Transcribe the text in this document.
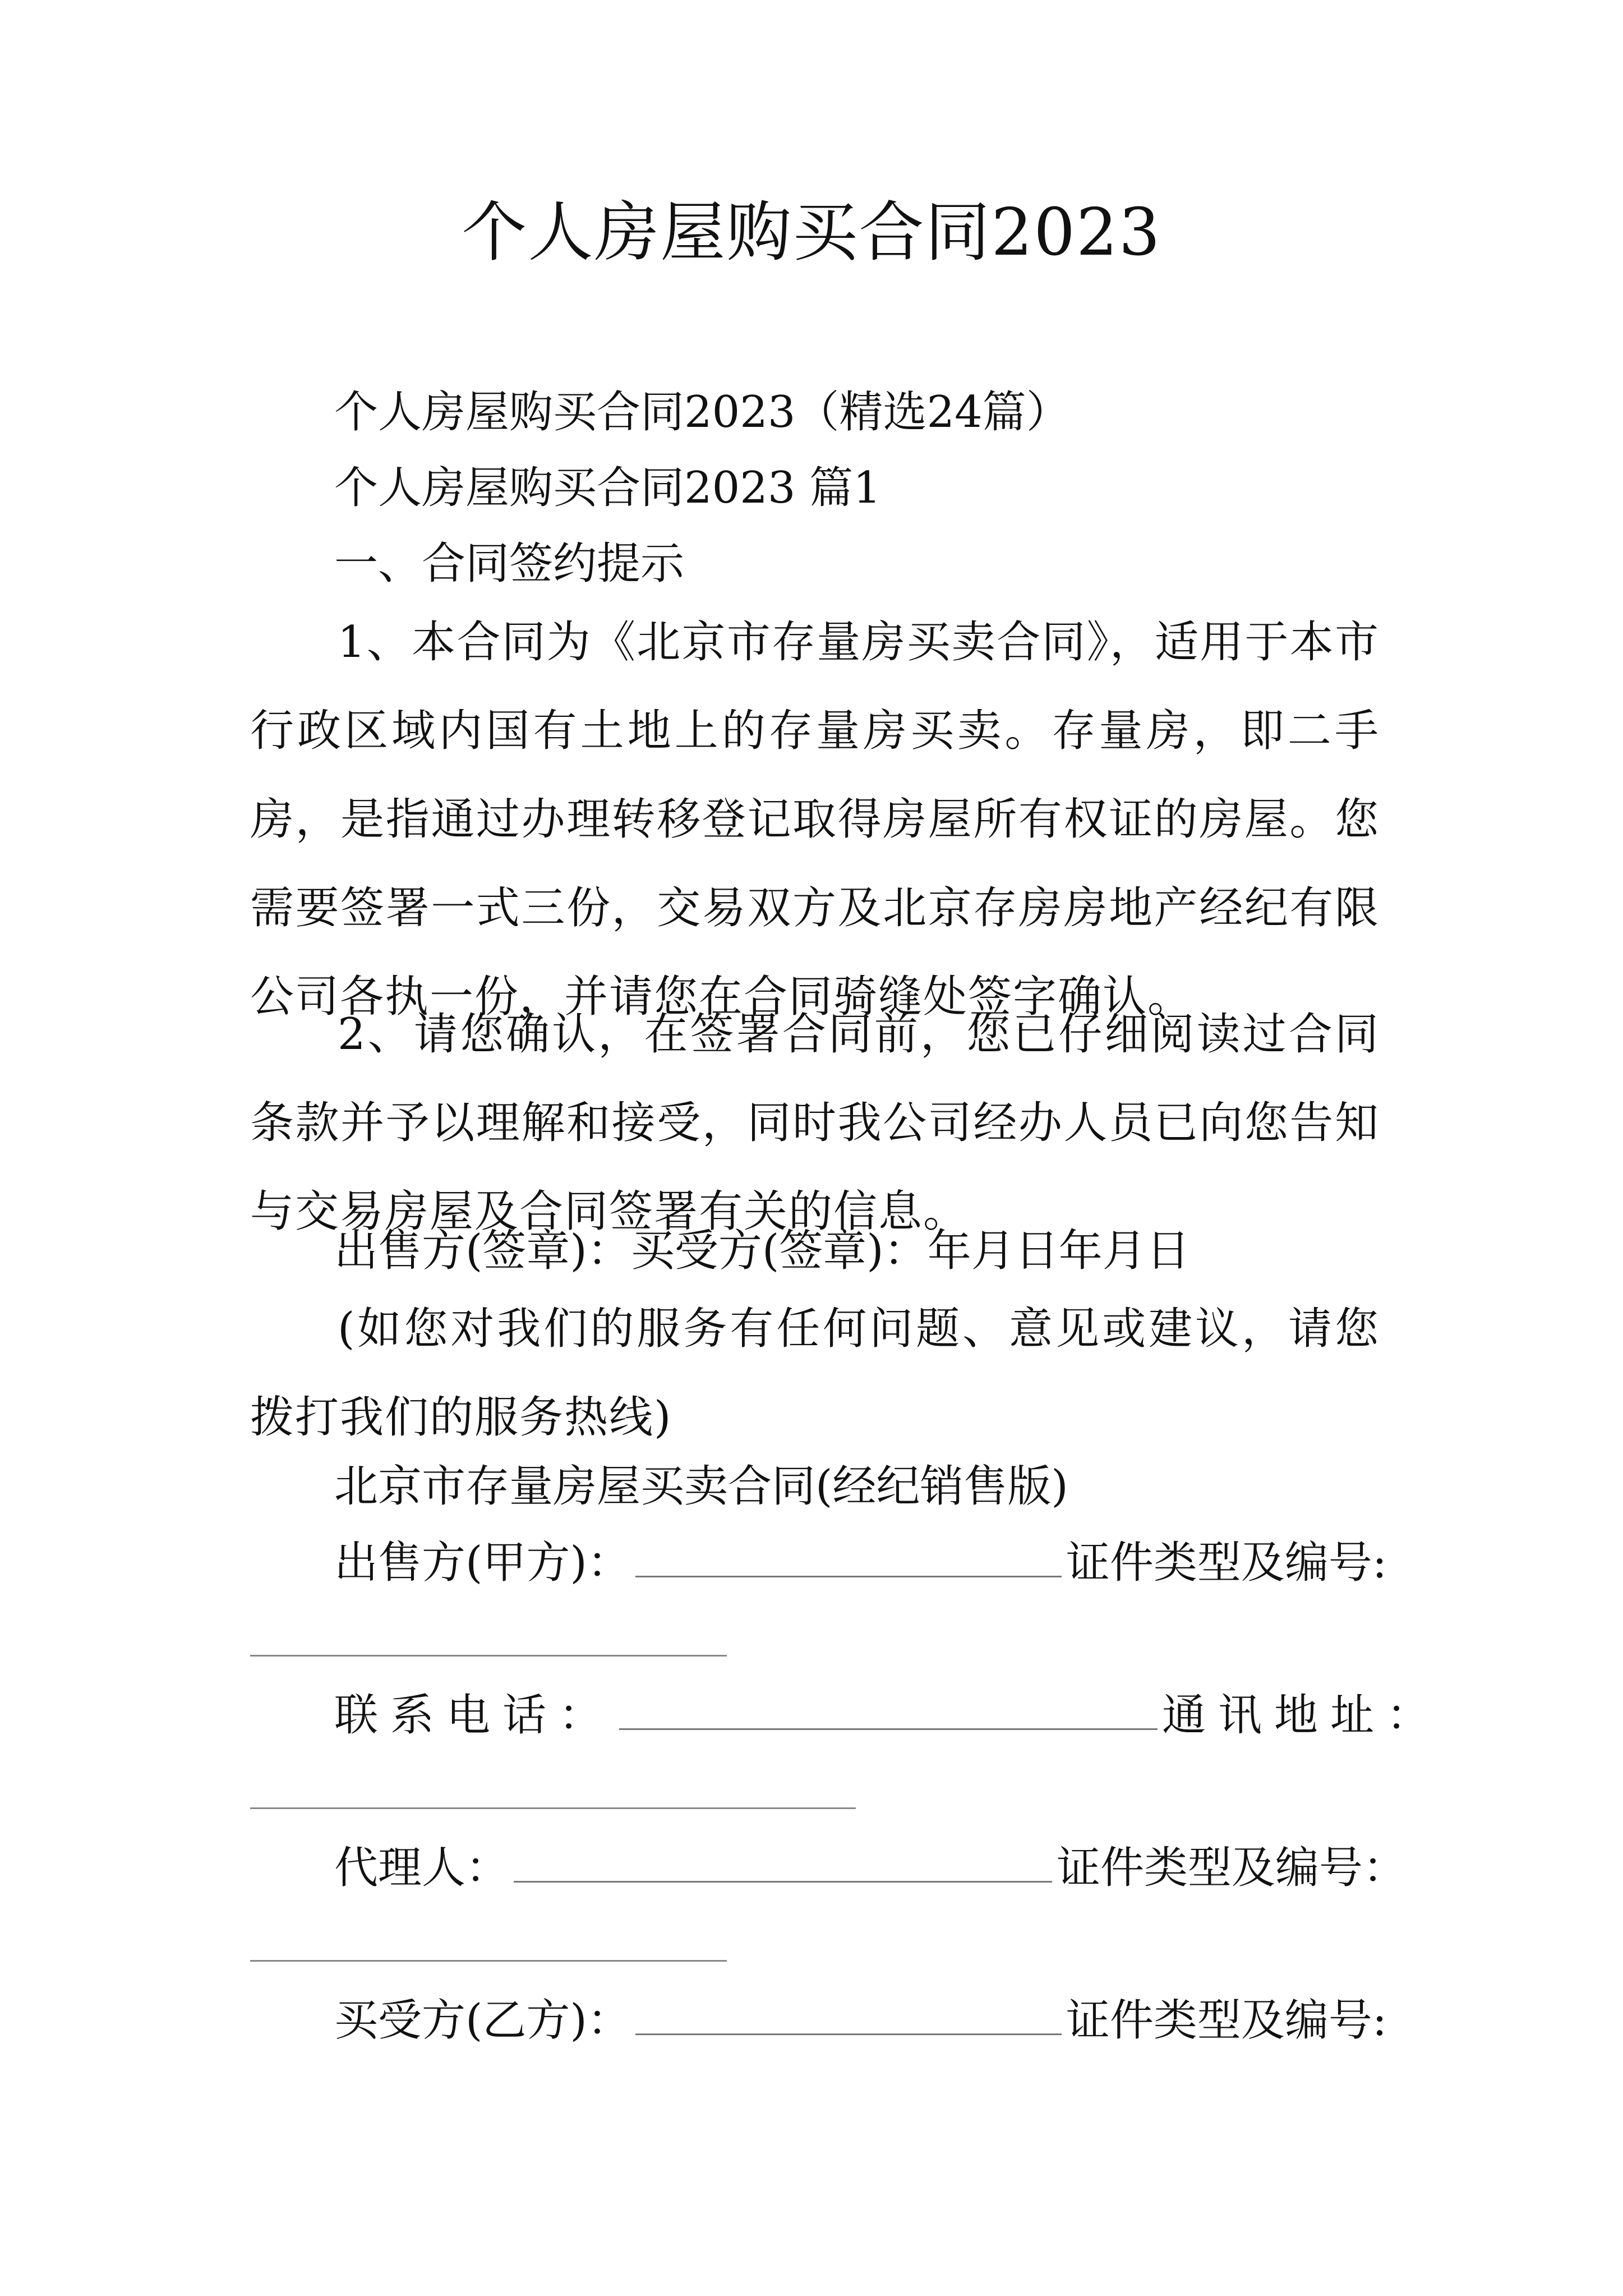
个人房屋购买合同2023
个人房屋购买合同2023（精选24篇）
个人房屋购买合同2023 篇1
一、合同签约提示
1、本合同为《北京市存量房买卖合同》，适用于本市行政区域内国有土地上的存量房买卖。存量房，即二手房，是指通过办理转移登记取得房屋所有权证的房屋。您需要签署一式三份，交易双方及北京存房房地产经纪有限公司各执一份，并请您在合同骑缝处签字确认。
2、请您确认，在签署合同前，您已仔细阅读过合同条款并予以理解和接受，同时我公司经办人员已向您告知与交易房屋及合同签署有关的信息。
出售方(签章)：买受方(签章)：年月日年月日
(如您对我们的服务有任何问题、意见或建议，请您拨打我们的服务热线)
北京市存量房屋买卖合同(经纪销售版)
出售方(甲方)：	证件类型及编号:
联系电话：	通讯地址：
代理人：	证件类型及编号：
买受方(乙方)：	证件类型及编号:
